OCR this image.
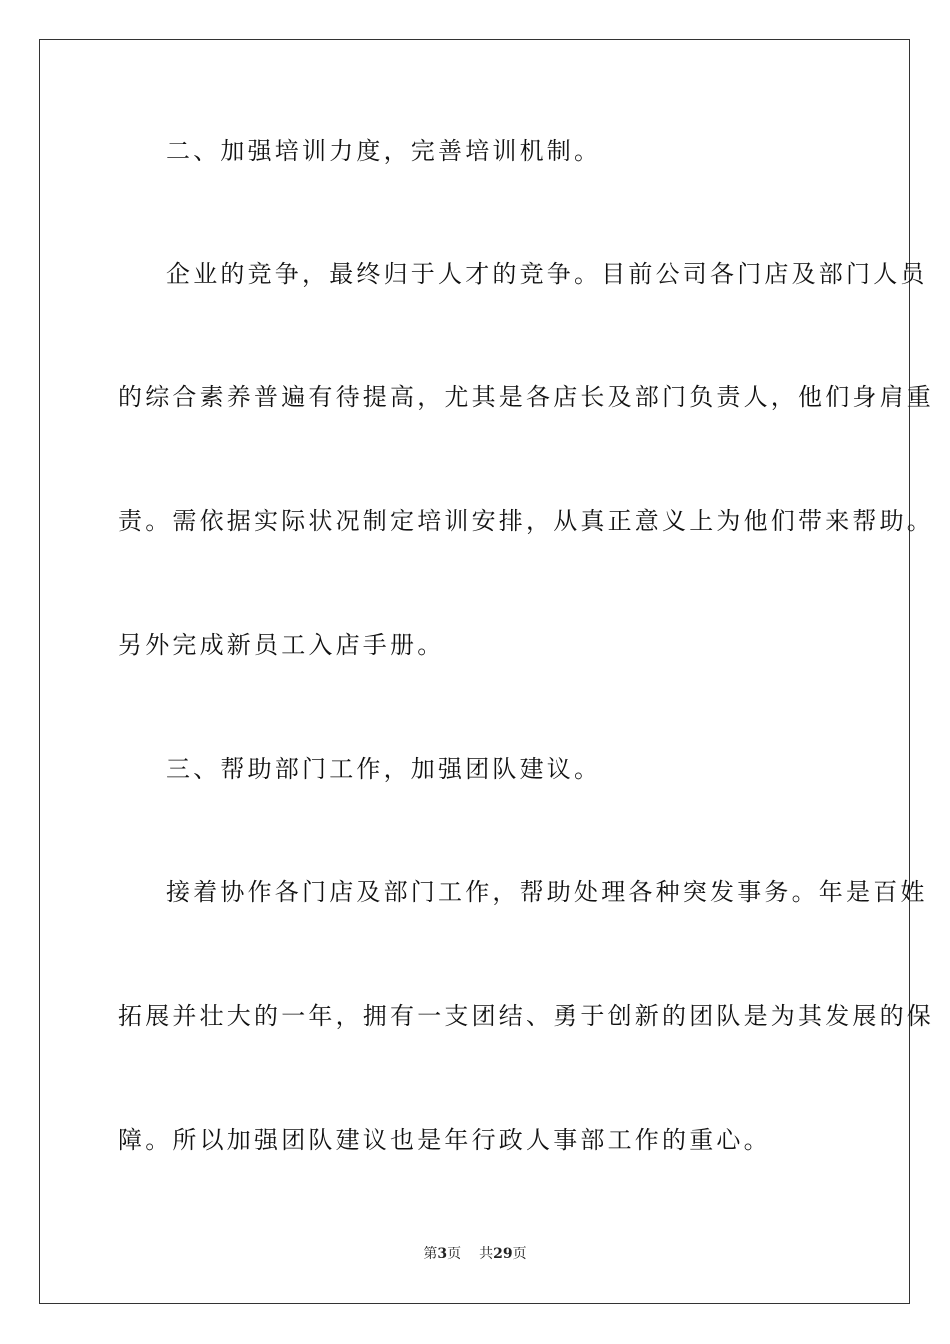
二、加强培训力度，完善培训机制。
企业的竞争，最终归于人才的竞争。目前公司各门店及部门人员
的综合素养普遍有待提高，尤其是各店长及部门负责人，他们身肩重
责。需依据实际状况制定培训安排，从真正意义上为他们带来帮助。
另外完成新员工入店手册。
三、帮助部门工作，加强团队建议。
接着协作各门店及部门工作，帮助处理各种突发事务。年是百姓
拓展并壮大的一年，拥有一支团结、勇于创新的团队是为其发展的保
障。所以加强团队建议也是年行政人事部工作的重心。
第3页 共29页
